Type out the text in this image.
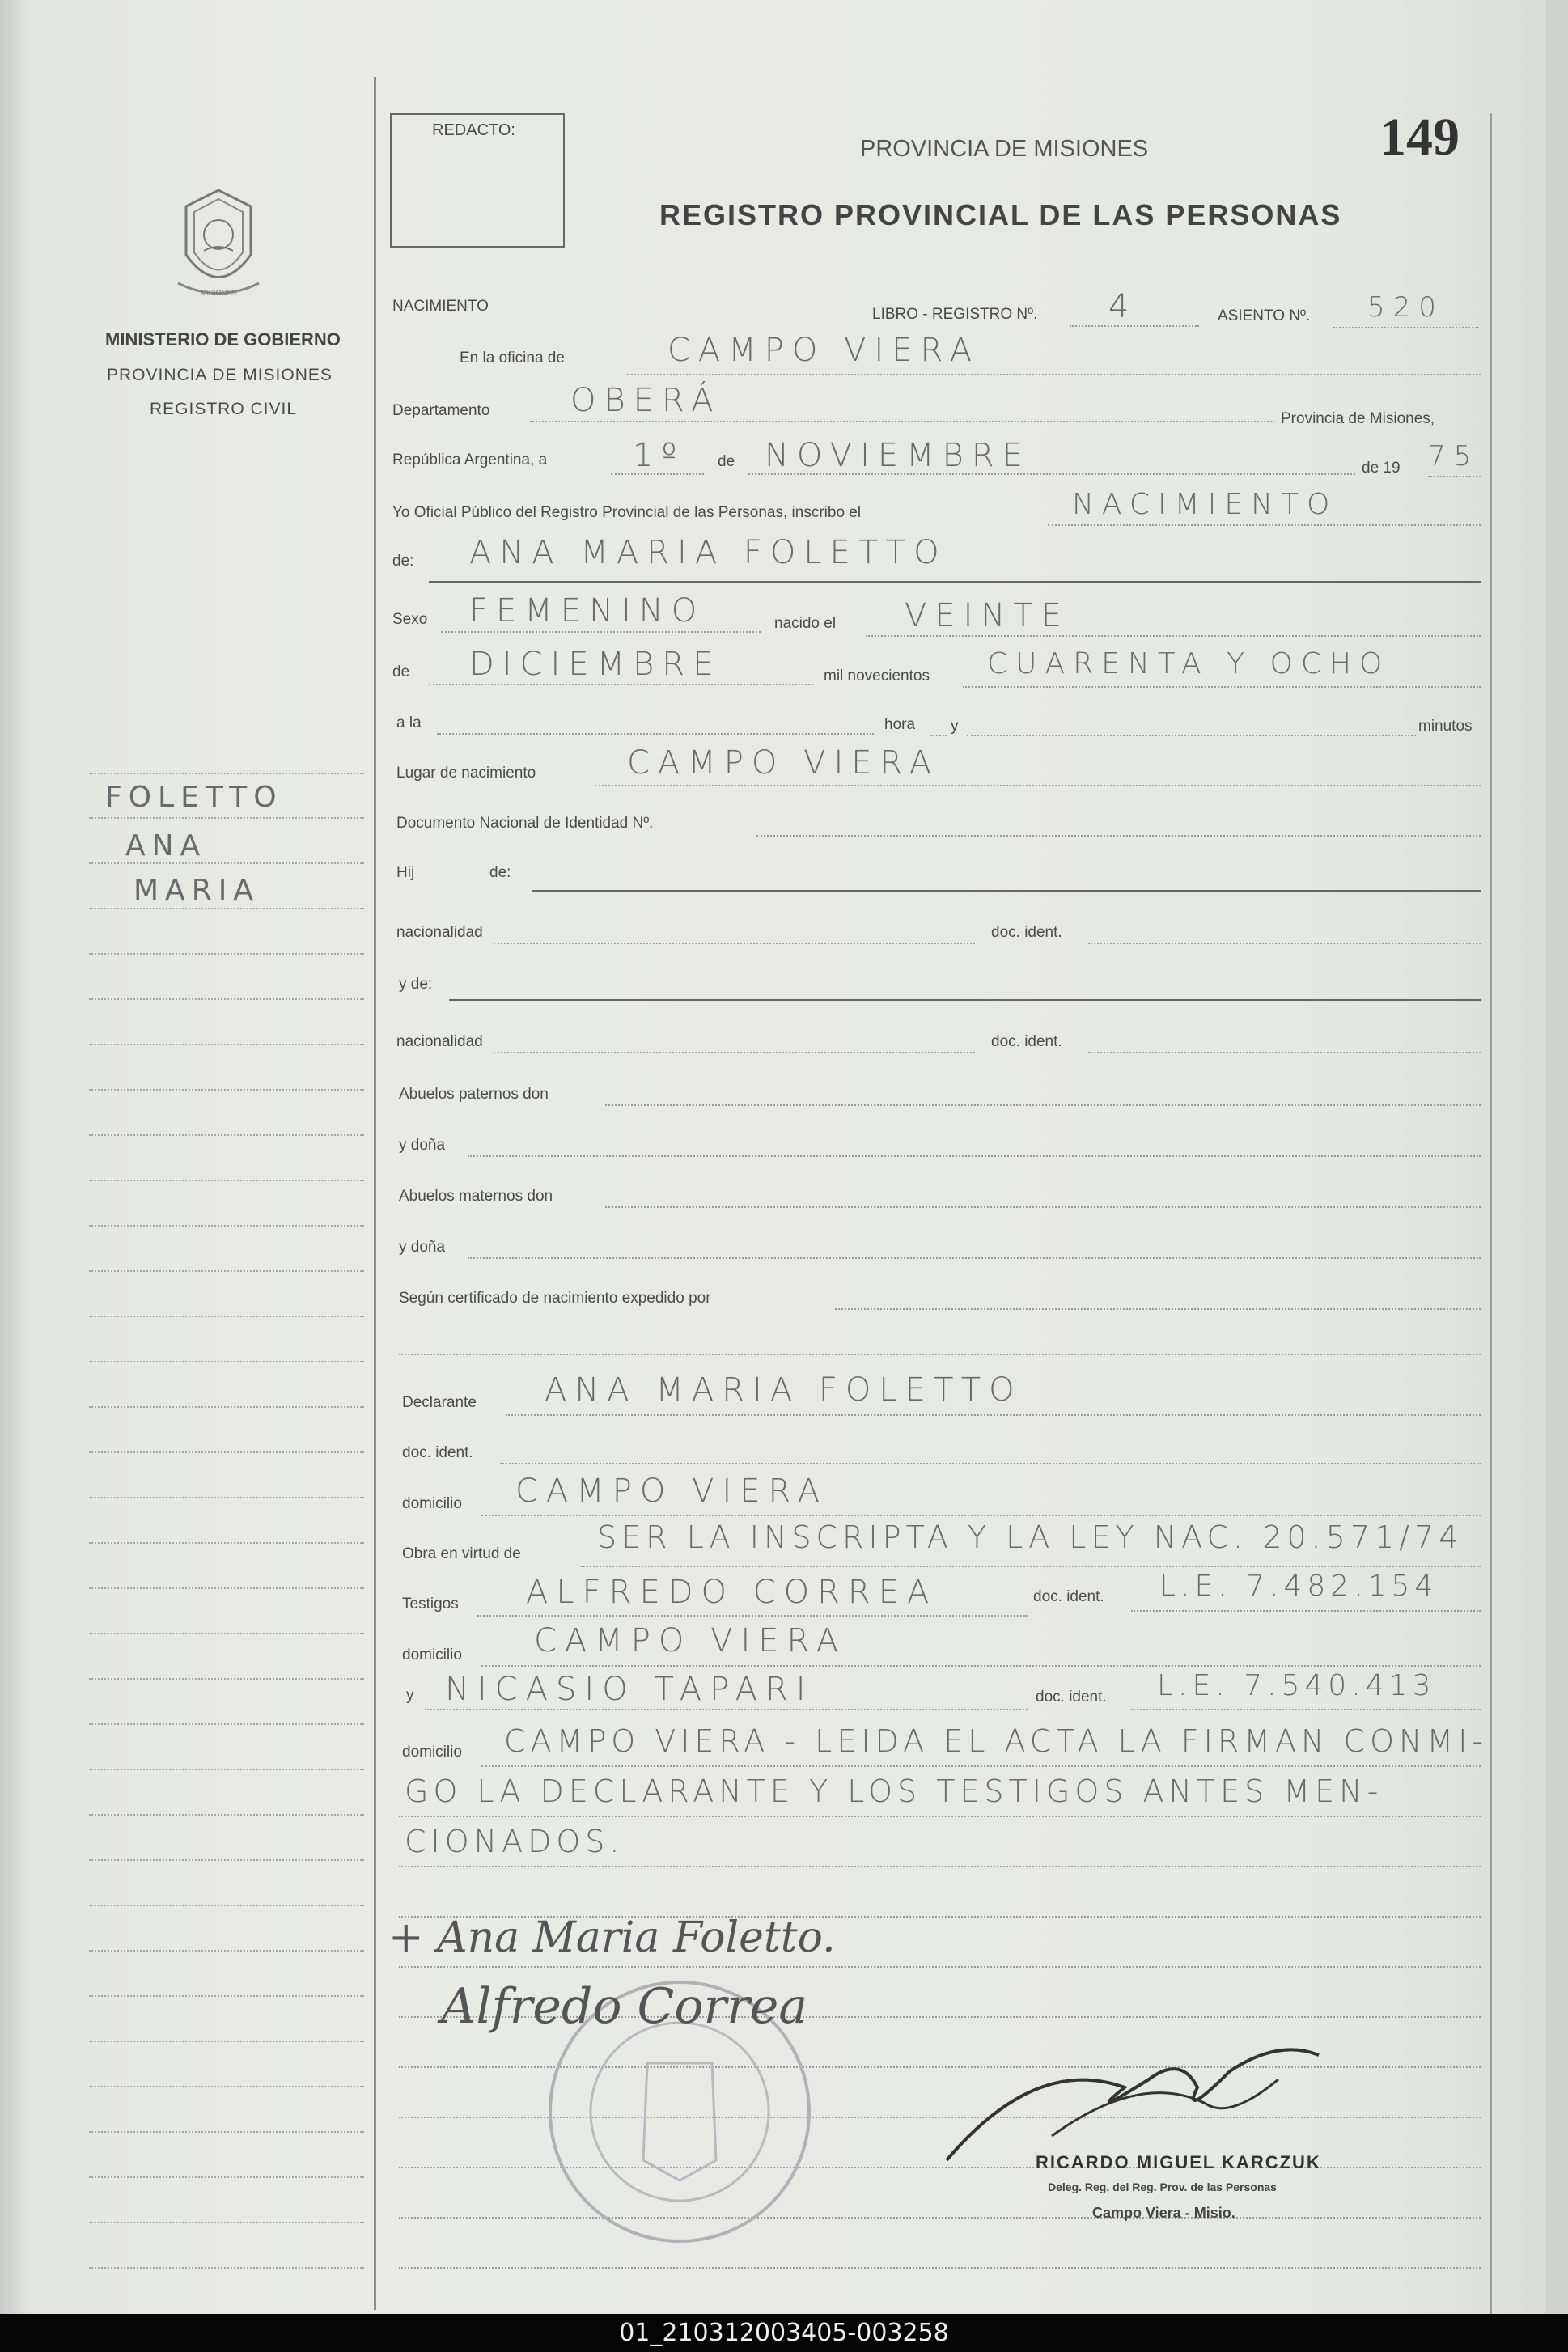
REDACTO:
PROVINCIA DE MISIONES	149
REGISTRO PROVINCIAL DE LAS PERSONAS
MISIONES
MINISTERIO DE GOBIERNO
PROVINCIA DE MISIONES
REGISTRO CIVIL
FOLETTO
ANA
MARIA
NACIMIENTO	LIBRO - REGISTRO Nº. 4	ASIENTO Nº. 520
En la oficina de	CAMPO VIERA
Departamento OBERÁ	Provincia de Misiones,
República Argentina, a	1º de NOVIEMBRE	de 19 75
Yo Oficial Público del Registro Provincial de las Personas, inscribo el	NACIMIENTO
de: ANA MARIA FOLETTO
Sexo FEMENINO	nacido el VEINTE
de DICIEMBRE	mil novecientos CUARENTA Y OCHO
a la	hora y	minutos
Lugar de nacimiento	CAMPO VIERA
Documento Nacional de Identidad Nº.
Hij	de:
nacionalidad	doc. ident.
y de:
nacionalidad	doc. ident.
Abuelos paternos don
y doña
Abuelos maternos don
y doña
Según certificado de nacimiento expedido por
Declarante ANA MARIA FOLETTO
doc. ident.
domicilio CAMPO VIERA
Obra en virtud de SER LA INSCRIPTA Y LA LEY NAC. 20.571/74
Testigos ALFREDO CORREA	doc. ident. L.E. 7.482.154
domicilio CAMPO VIERA
y NICASIO TAPARI	doc. ident. L.E. 7.540.413
domicilio CAMPO VIERA - LEIDA EL ACTA LA FIRMAN CONMI-
GO LA DECLARANTE Y LOS TESTIGOS ANTES MEN-
CIONADOS.
+ Ana Maria Foletto.
Alfredo Correa
RICARDO MIGUEL KARCZUK
Deleg. Reg. del Reg. Prov. de las Personas
Campo Viera - Misio.
01_210312003405-003258
